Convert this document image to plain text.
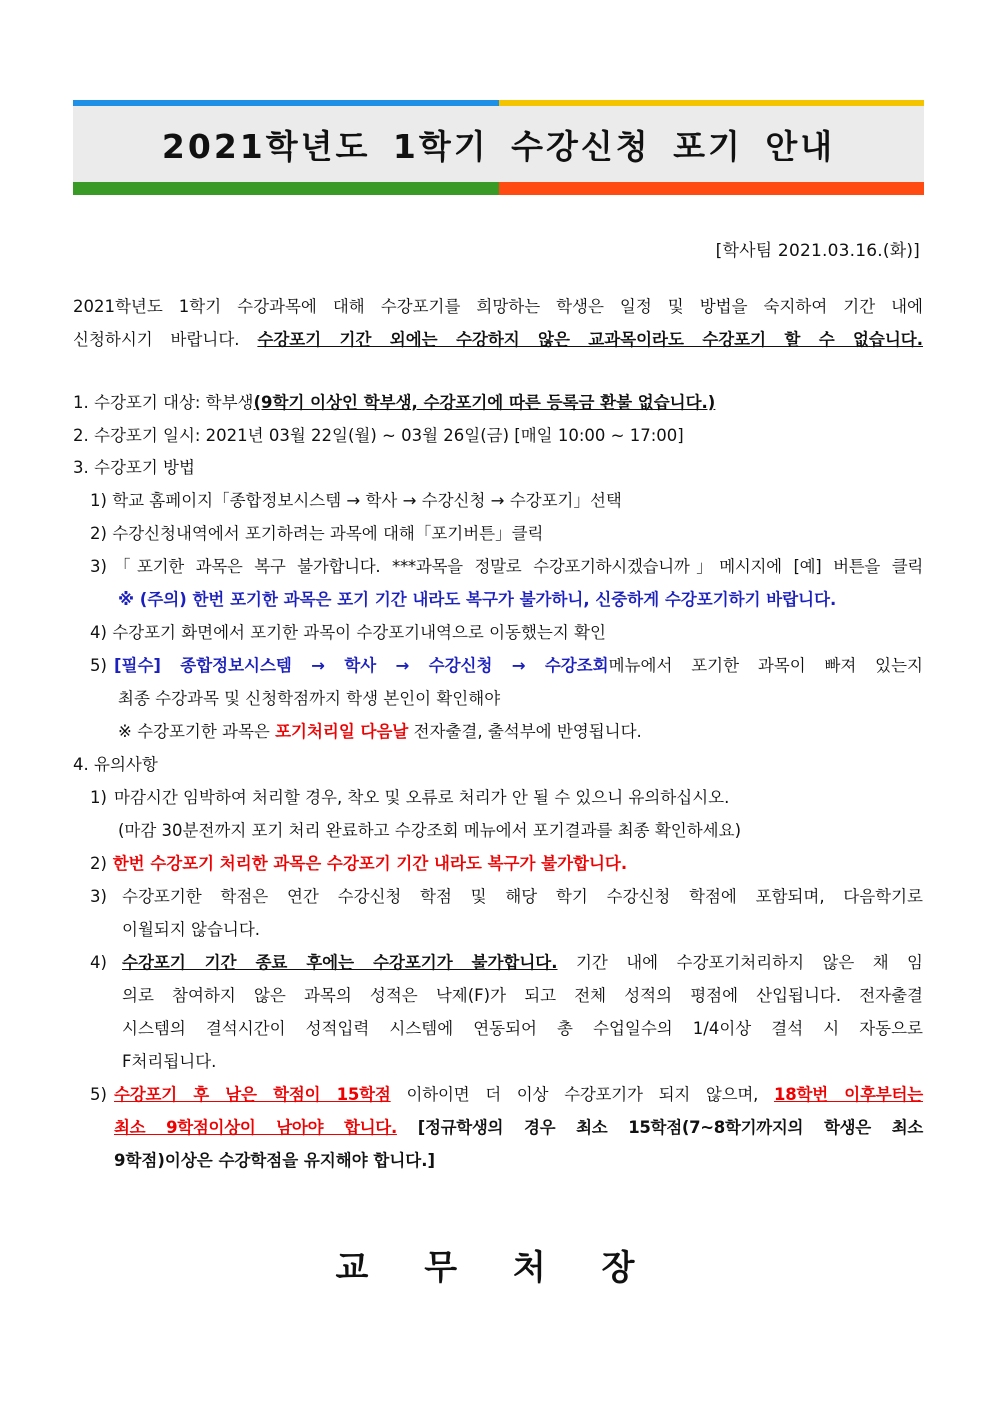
2021학년도 1학기 수강신청 포기 안내
[학사팀 2021.03.16.(화)]
2021학년도 1학기 수강과목에 대해 수강포기를 희망하는 학생은 일정 및 방법을 숙지하여 기간 내에
신청하시기 바랍니다. 수강포기 기간 외에는 수강하지 않은 교과목이라도 수강포기 할 수 없습니다.
1. 수강포기 대상: 학부생(9학기 이상인 학부생, 수강포기에 따른 등록금 환불 없습니다.)
2. 수강포기 일시: 2021년 03월 22일(월) ~ 03월 26일(금) [매일 10:00 ~ 17:00]
3. 수강포기 방법
1) 학교 홈페이지「종합정보시스템 → 학사 → 수강신청 → 수강포기」선택
2) 수강신청내역에서 포기하려는 과목에 대해「포기버튼」클릭
3) 「포기한 과목은 복구 불가합니다. ***과목을 정말로 수강포기하시겠습니까」메시지에 [예] 버튼을 클릭
※ (주의) 한번 포기한 과목은 포기 기간 내라도 복구가 불가하니, 신중하게 수강포기하기 바랍니다.
4) 수강포기 화면에서 포기한 과목이 수강포기내역으로 이동했는지 확인
5) [필수] 종합정보시스템 → 학사 → 수강신청 → 수강조회메뉴에서 포기한 과목이 빠져 있는지
최종 수강과목 및 신청학점까지 학생 본인이 확인해야
※ 수강포기한 과목은 포기처리일 다음날 전자출결, 출석부에 반영됩니다.
4. 유의사항
1) 마감시간 임박하여 처리할 경우, 착오 및 오류로 처리가 안 될 수 있으니 유의하십시오.
(마감 30분전까지 포기 처리 완료하고 수강조회 메뉴에서 포기결과를 최종 확인하세요)
2) 한번 수강포기 처리한 과목은 수강포기 기간 내라도 복구가 불가합니다.
3) 수강포기한 학점은 연간 수강신청 학점 및 해당 학기 수강신청 학점에 포함되며, 다음학기로
이월되지 않습니다.
4) 수강포기 기간 종료 후에는 수강포기가 불가합니다. 기간 내에 수강포기처리하지 않은 채 임
의로 참여하지 않은 과목의 성적은 낙제(F)가 되고 전체 성적의 평점에 산입됩니다. 전자출결
시스템의 결석시간이 성적입력 시스템에 연동되어 총 수업일수의 1/4이상 결석 시 자동으로
F처리됩니다.
5) 수강포기 후 남은 학점이 15학점 이하이면 더 이상 수강포기가 되지 않으며, 18학번 이후부터는
최소 9학점이상이 남아야 합니다. [정규학생의 경우 최소 15학점(7~8학기까지의 학생은 최소
9학점)이상은 수강학점을 유지해야 합니다.]
교 무 처 장
